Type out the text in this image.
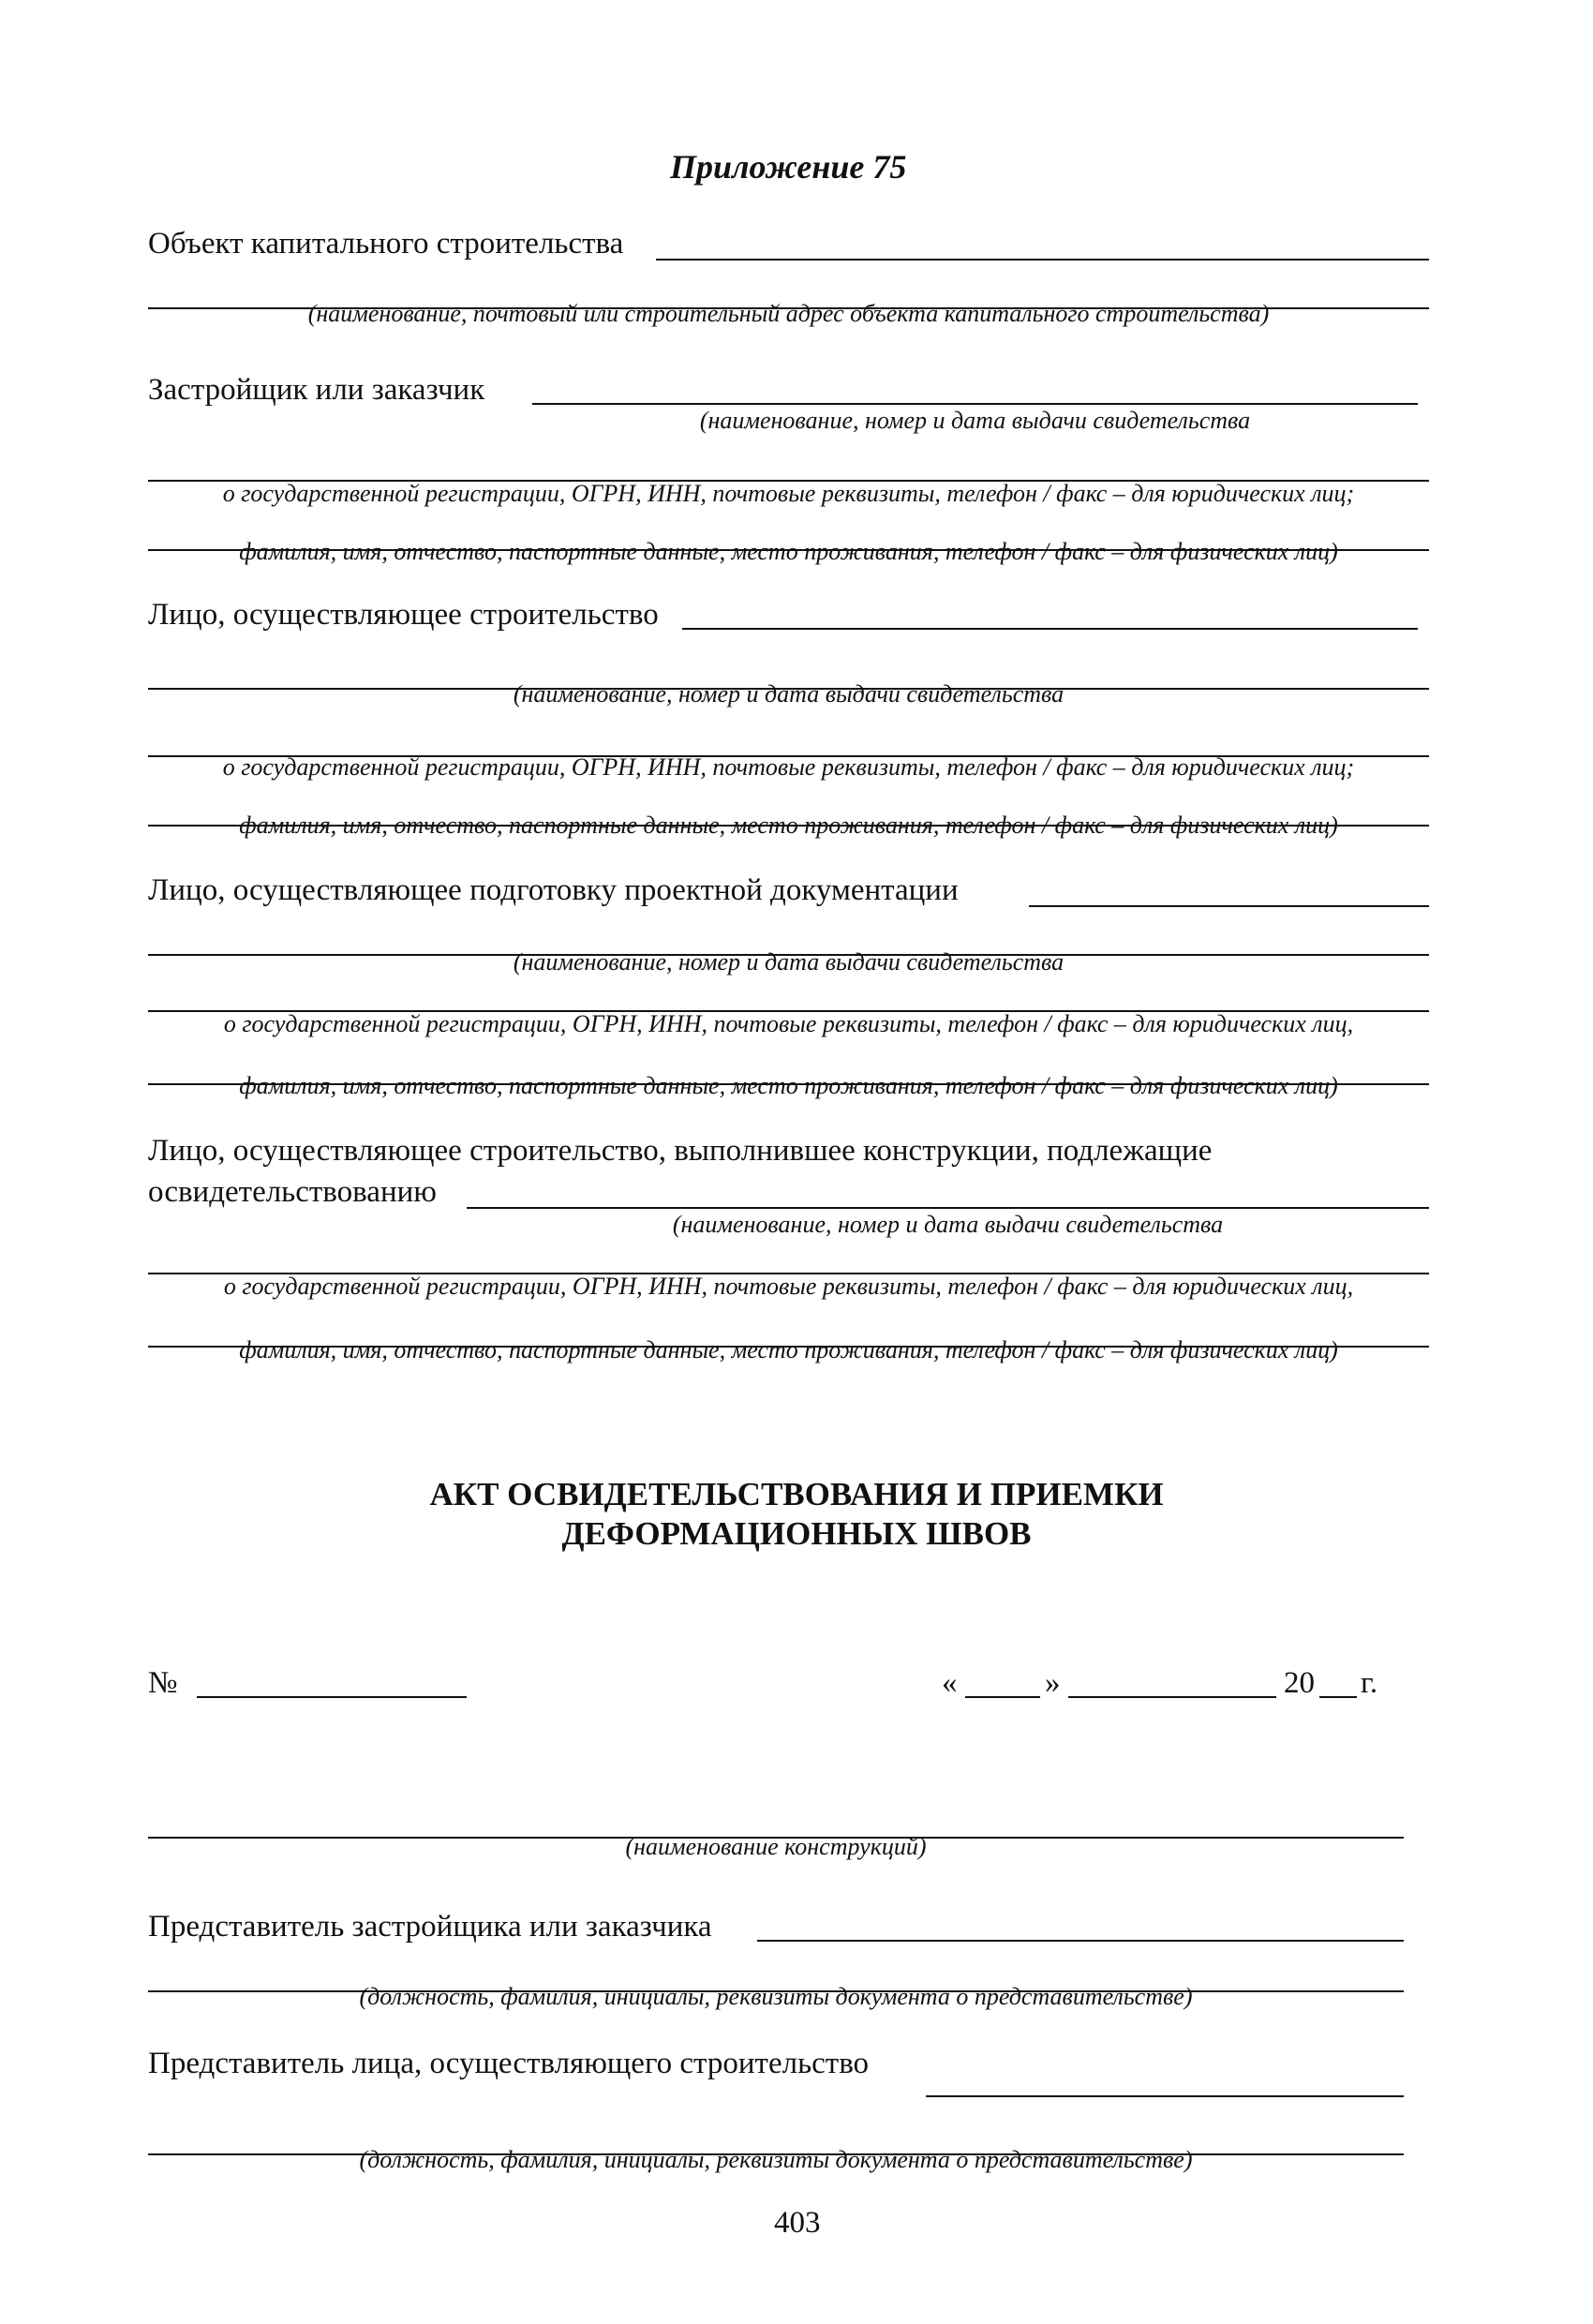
Приложение 75
Объект капитального строительства
(наименование, почтовый или строительный адрес объекта капитального строительства)
Застройщик или заказчик
(наименование, номер и дата выдачи свидетельства
о государственной регистрации, ОГРН, ИНН, почтовые реквизиты, телефон / факс – для юридических лиц;
фамилия, имя, отчество, паспортные данные, место проживания, телефон / факс – для физических лиц)
Лицо, осуществляющее строительство
(наименование, номер и дата выдачи свидетельства
о государственной регистрации, ОГРН, ИНН, почтовые реквизиты, телефон / факс – для юридических лиц;
фамилия, имя, отчество, паспортные данные, место проживания, телефон / факс – для физических лиц)
Лицо, осуществляющее подготовку проектной документации
(наименование, номер и дата выдачи свидетельства
о государственной регистрации, ОГРН, ИНН, почтовые реквизиты, телефон / факс – для юридических лиц,
фамилия, имя, отчество, паспортные данные, место проживания, телефон / факс – для физических лиц)
Лицо, осуществляющее строительство, выполнившее конструкции, подлежащие
освидетельствованию
(наименование, номер и дата выдачи свидетельства
о государственной регистрации, ОГРН, ИНН, почтовые реквизиты, телефон / факс – для юридических лиц,
фамилия, имя, отчество, паспортные данные, место проживания, телефон / факс – для физических лиц)
АКТ ОСВИДЕТЕЛЬСТВОВАНИЯ И ПРИЕМКИ
ДЕФОРМАЦИОННЫХ ШВОВ
№	«	»	20 г.
(наименование конструкций)
Представитель застройщика или заказчика
(должность, фамилия, инициалы, реквизиты документа о представительстве)
Представитель лица, осуществляющего строительство
(должность, фамилия, инициалы, реквизиты документа о представительстве)
403
